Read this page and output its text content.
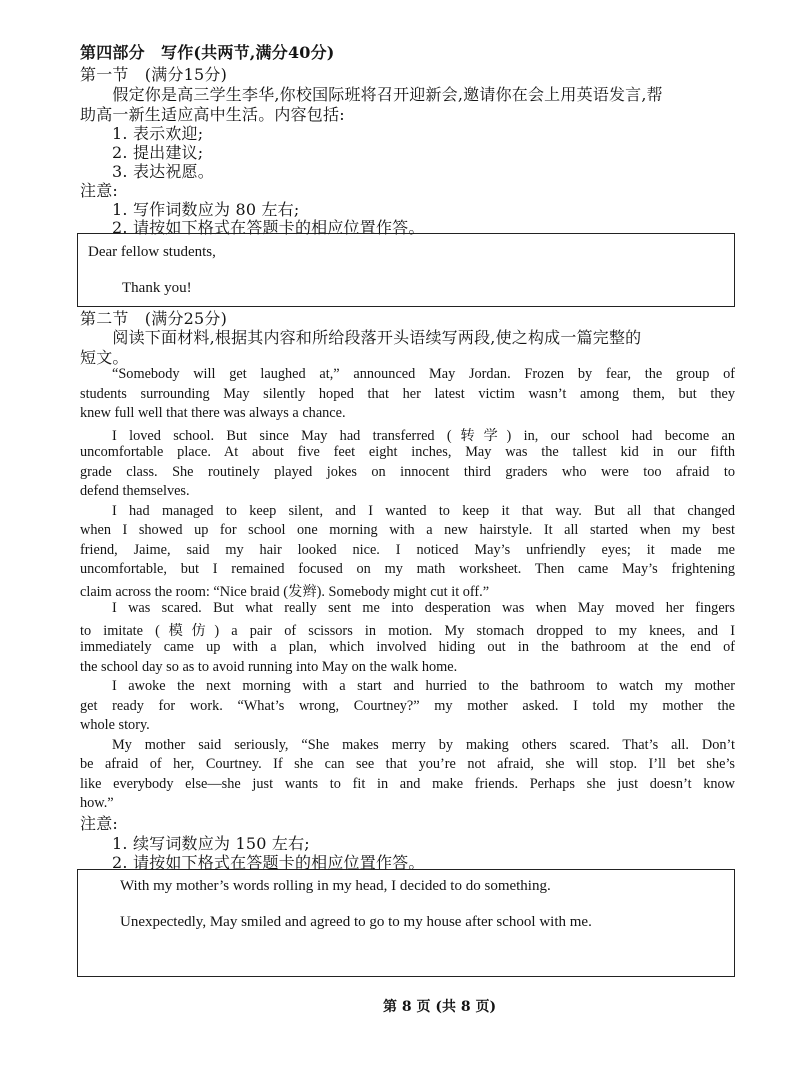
第四部分　写作(共两节,满分40分)
第一节　(满分15分)
　　假定你是高三学生李华,你校国际班将召开迎新会,邀请你在会上用英语发言,帮
助高一新生适应高中生活。内容包括:
1. 表示欢迎;
2. 提出建议;
3. 表达祝愿。
注意:
1. 写作词数应为 80 左右;
2. 请按如下格式在答题卡的相应位置作答。
Dear fellow students,
Thank you!
第二节　(满分25分)
　　阅读下面材料,根据其内容和所给段落开头语续写两段,使之构成一篇完整的
短文。
“Somebody will get laughed at,” announced May Jordan. Frozen by fear, the group of
students surrounding May silently hoped that her latest victim wasn’t among them, but they
knew full well that there was always a chance.
I loved school. But since May had transferred (转学) in, our school had become an
uncomfortable place. At about five feet eight inches, May was the tallest kid in our fifth
grade class. She routinely played jokes on innocent third graders who were too afraid to
defend themselves.
I had managed to keep silent, and I wanted to keep it that way. But all that changed
when I showed up for school one morning with a new hairstyle. It all started when my best
friend, Jaime, said my hair looked nice. I noticed May’s unfriendly eyes; it made me
uncomfortable, but I remained focused on my math worksheet. Then came May’s frightening
claim across the room: “Nice braid (发辫). Somebody might cut it off.”
I was scared. But what really sent me into desperation was when May moved her fingers
to imitate (模仿) a pair of scissors in motion. My stomach dropped to my knees, and I
immediately came up with a plan, which involved hiding out in the bathroom at the end of
the school day so as to avoid running into May on the walk home.
I awoke the next morning with a start and hurried to the bathroom to watch my mother
get ready for work. “What’s wrong, Courtney?” my mother asked. I told my mother the
whole story.
My mother said seriously, “She makes merry by making others scared. That’s all. Don’t
be afraid of her, Courtney. If she can see that you’re not afraid, she will stop. I’ll bet she’s
like everybody else—she just wants to fit in and make friends. Perhaps she just doesn’t know
how.”
注意:
1. 续写词数应为 150 左右;
2. 请按如下格式在答题卡的相应位置作答。
With my mother’s words rolling in my head, I decided to do something.
Unexpectedly, May smiled and agreed to go to my house after school with me.
第 8 页 (共 8 页)
